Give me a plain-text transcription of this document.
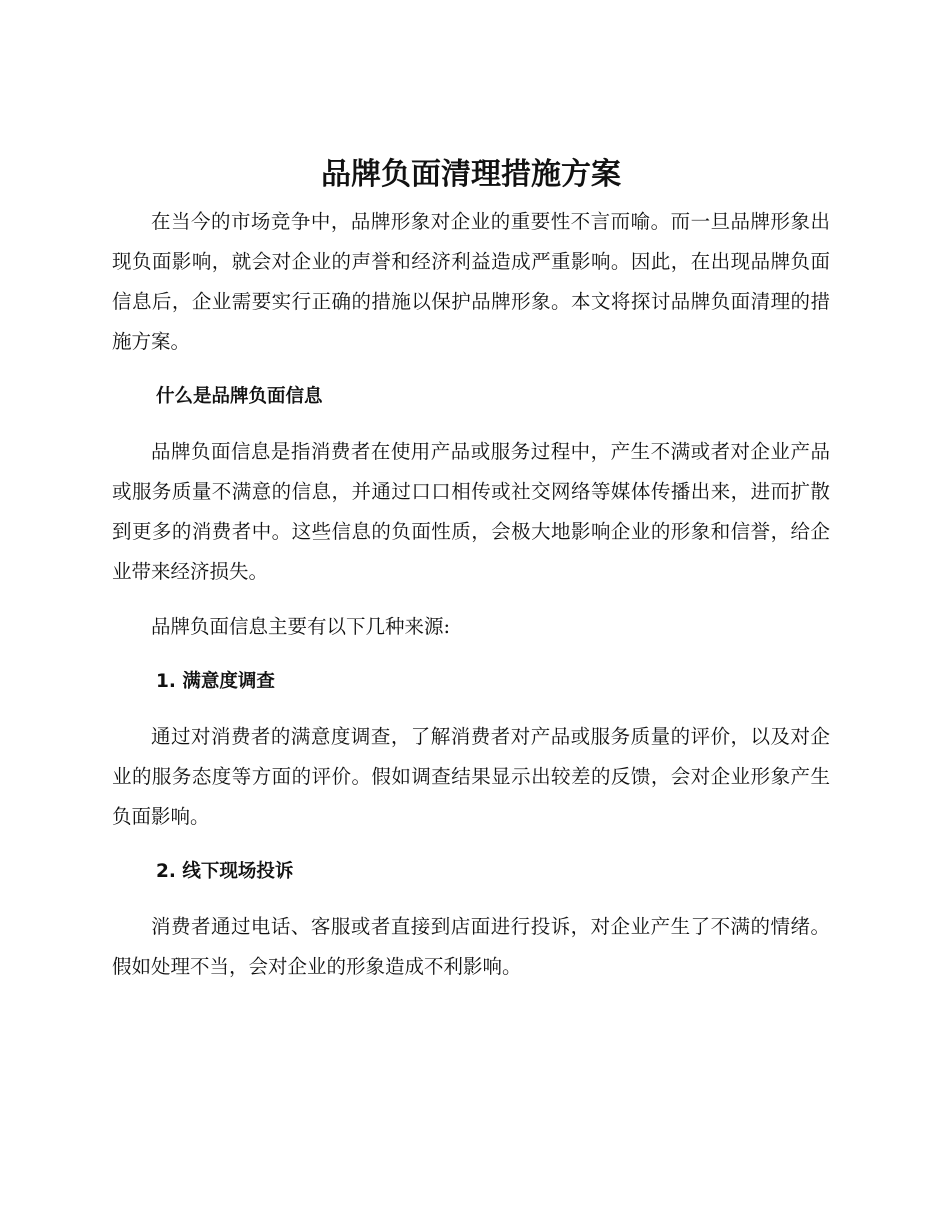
品牌负面清理措施方案

在当今的市场竞争中，品牌形象对企业的重要性不言而喻。而一旦品牌形象出现负面影响，就会对企业的声誉和经济利益造成严重影响。因此，在出现品牌负面信息后，企业需要实行正确的措施以保护品牌形象。本文将探讨品牌负面清理的措施方案。

什么是品牌负面信息

品牌负面信息是指消费者在使用产品或服务过程中，产生不满或者对企业产品或服务质量不满意的信息，并通过口口相传或社交网络等媒体传播出来，进而扩散到更多的消费者中。这些信息的负面性质，会极大地影响企业的形象和信誉，给企业带来经济损失。

品牌负面信息主要有以下几种来源:

1. 满意度调查

通过对消费者的满意度调查，了解消费者对产品或服务质量的评价，以及对企业的服务态度等方面的评价。假如调查结果显示出较差的反馈，会对企业形象产生负面影响。

2. 线下现场投诉

消费者通过电话、客服或者直接到店面进行投诉，对企业产生了不满的情绪。假如处理不当，会对企业的形象造成不利影响。
